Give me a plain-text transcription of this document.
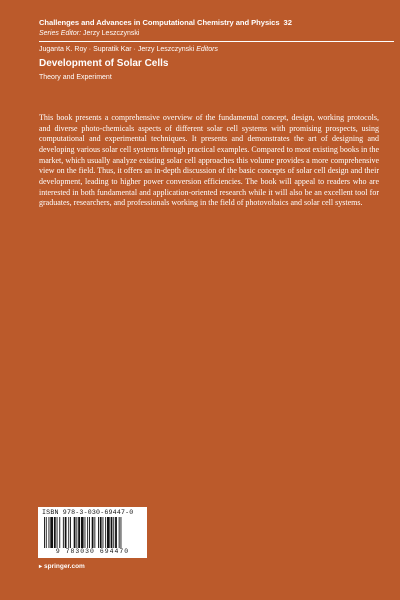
Challenges and Advances in Computational Chemistry and Physics 32
Series Editor: Jerzy Leszczynski
Juganta K. Roy · Supratik Kar · Jerzy Leszczynski Editors
Development of Solar Cells
Theory and Experiment
This book presents a comprehensive overview of the fundamental concept, design, working protocols, and diverse photo-chemicals aspects of different solar cell systems with promising prospects, using computational and experimental techniques. It presents and demonstrates the art of designing and developing various solar cell systems through practical examples. Compared to most existing books in the market, which usually analyze existing solar cell approaches this volume provides a more comprehensive view on the field. Thus, it offers an in-depth discussion of the basic concepts of solar cell design and their development, leading to higher power conversion efficiencies. The book will appeal to readers who are interested in both fundamental and application-oriented research while it will also be an excellent tool for graduates, researchers, and professionals working in the field of photovoltaics and solar cell systems.
ISBN 978-3-030-69447-0
9 783030 694470
▸ springer.com
